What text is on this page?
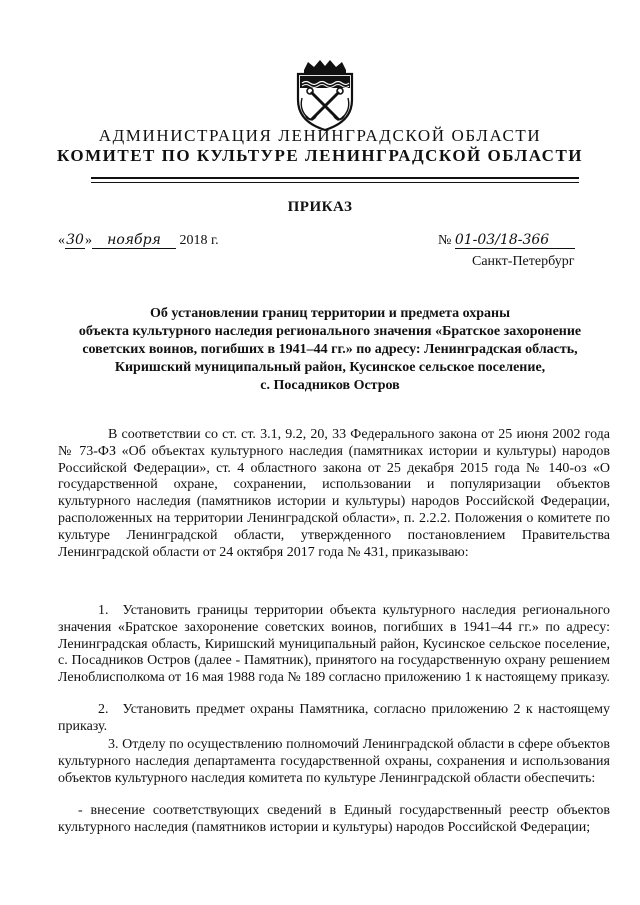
АДМИНИСТРАЦИЯ ЛЕНИНГРАДСКОЙ ОБЛАСТИ
КОМИТЕТ ПО КУЛЬТУРЕ ЛЕНИНГРАДСКОЙ ОБЛАСТИ
ПРИКАЗ
«30» ноября 2018 г.	№ 01-03/18-366
Санкт-Петербург
Об установлении границ территории и предмета охраны
объекта культурного наследия регионального значения «Братское захоронение
советских воинов, погибших в 1941–44 гг.» по адресу: Ленинградская область,
Киришский муниципальный район, Кусинское сельское поселение,
с. Посадников Остров
В соответствии со ст. ст. 3.1, 9.2, 20, 33 Федерального закона от 25 июня 2002 года № 73-ФЗ «Об объектах культурного наследия (памятниках истории и культуры) народов Российской Федерации», ст. 4 областного закона от 25 декабря 2015 года № 140-оз «О государственной охране, сохранении, использовании и популяризации объектов культурного наследия (памятников истории и культуры) народов Российской Федерации, расположенных на территории Ленинградской области», п. 2.2.2. Положения о комитете по культуре Ленинградской области, утвержденного постановлением Правительства Ленинградской области от 24 октября 2017 года № 431, приказываю:
1. Установить границы территории объекта культурного наследия регионального значения «Братское захоронение советских воинов, погибших в 1941–44 гг.» по адресу: Ленинградская область, Киришский муниципальный район, Кусинское сельское поселение, с. Посадников Остров (далее - Памятник), принятого на государственную охрану решением Леноблисполкома от 16 мая 1988 года № 189 согласно приложению 1 к настоящему приказу.
2. Установить предмет охраны Памятника, согласно приложению 2 к настоящему приказу.
3. Отделу по осуществлению полномочий Ленинградской области в сфере объектов культурного наследия департамента государственной охраны, сохранения и использования объектов культурного наследия комитета по культуре Ленинградской области обеспечить:
- внесение соответствующих сведений в Единый государственный реестр объектов культурного наследия (памятников истории и культуры) народов Российской Федерации;
